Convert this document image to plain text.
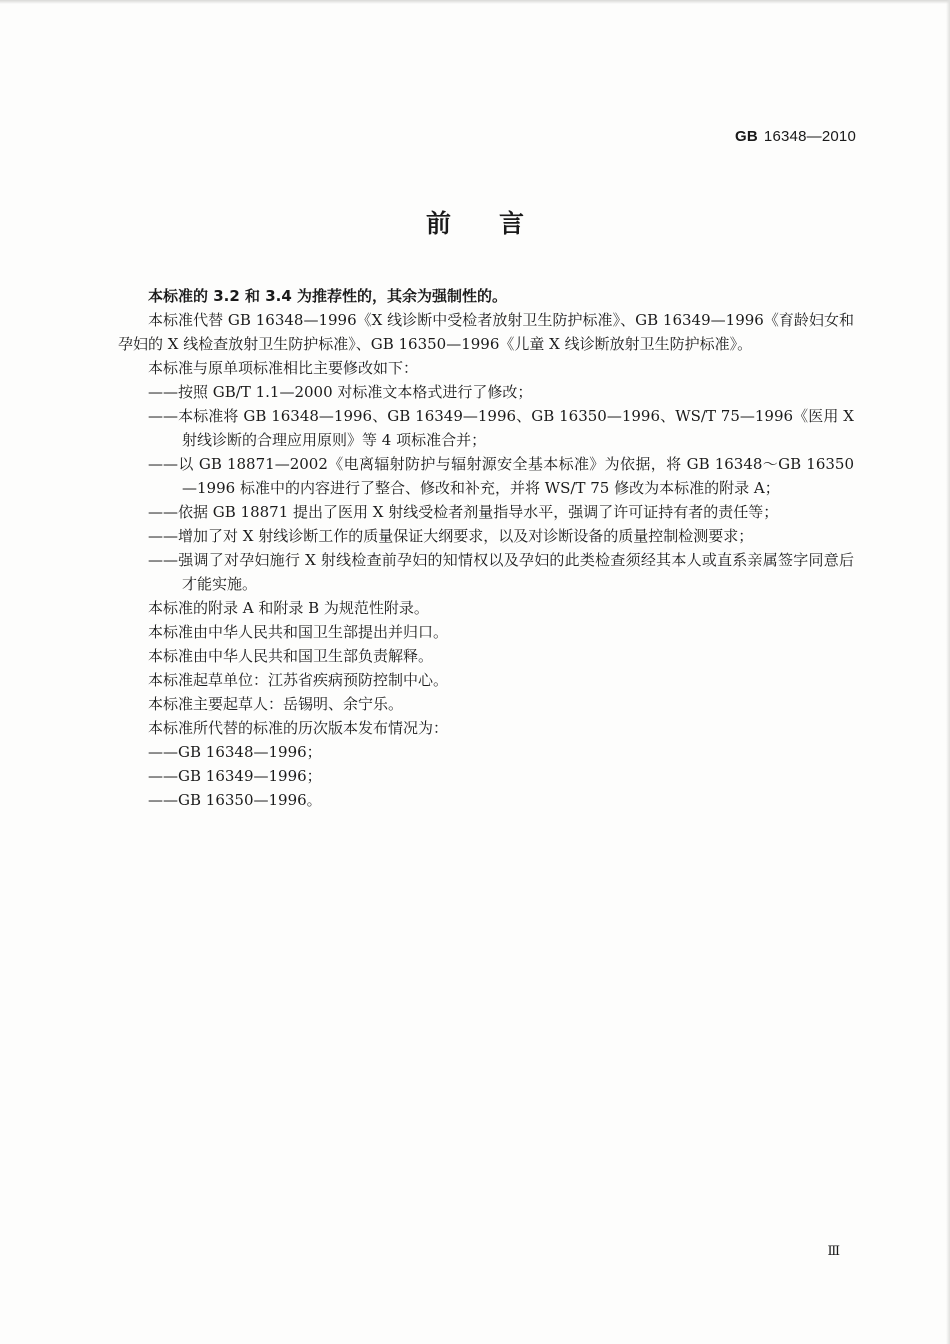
GB 16348—2010
前言

本标准的 3.2 和 3.4 为推荐性的，其余为强制性的。

本标准代替 GB 16348—1996《X 线诊断中受检者放射卫生防护标准》、GB 16349—1996《育龄妇女和孕妇的 X 线检查放射卫生防护标准》、GB 16350—1996《儿童 X 线诊断放射卫生防护标准》。

本标准与原单项标准相比主要修改如下：

——按照 GB/T 1.1—2000 对标准文本格式进行了修改；

——本标准将 GB 16348—1996、GB 16349—1996、GB 16350—1996、WS/T 75—1996《医用 X 射线诊断的合理应用原则》等 4 项标准合并；

——以 GB 18871—2002《电离辐射防护与辐射源安全基本标准》为依据，将 GB 16348～GB 16350—1996 标准中的内容进行了整合、修改和补充，并将 WS/T 75 修改为本标准的附录 A；

——依据 GB 18871 提出了医用 X 射线受检者剂量指导水平，强调了许可证持有者的责任等；

——增加了对 X 射线诊断工作的质量保证大纲要求，以及对诊断设备的质量控制检测要求；

——强调了对孕妇施行 X 射线检查前孕妇的知情权以及孕妇的此类检查须经其本人或直系亲属签字同意后才能实施。

本标准的附录 A 和附录 B 为规范性附录。

本标准由中华人民共和国卫生部提出并归口。

本标准由中华人民共和国卫生部负责解释。

本标准起草单位：江苏省疾病预防控制中心。

本标准主要起草人：岳锡明、余宁乐。

本标准所代替的标准的历次版本发布情况为：

——GB 16348—1996；

——GB 16349—1996；

——GB 16350—1996。

Ⅲ
